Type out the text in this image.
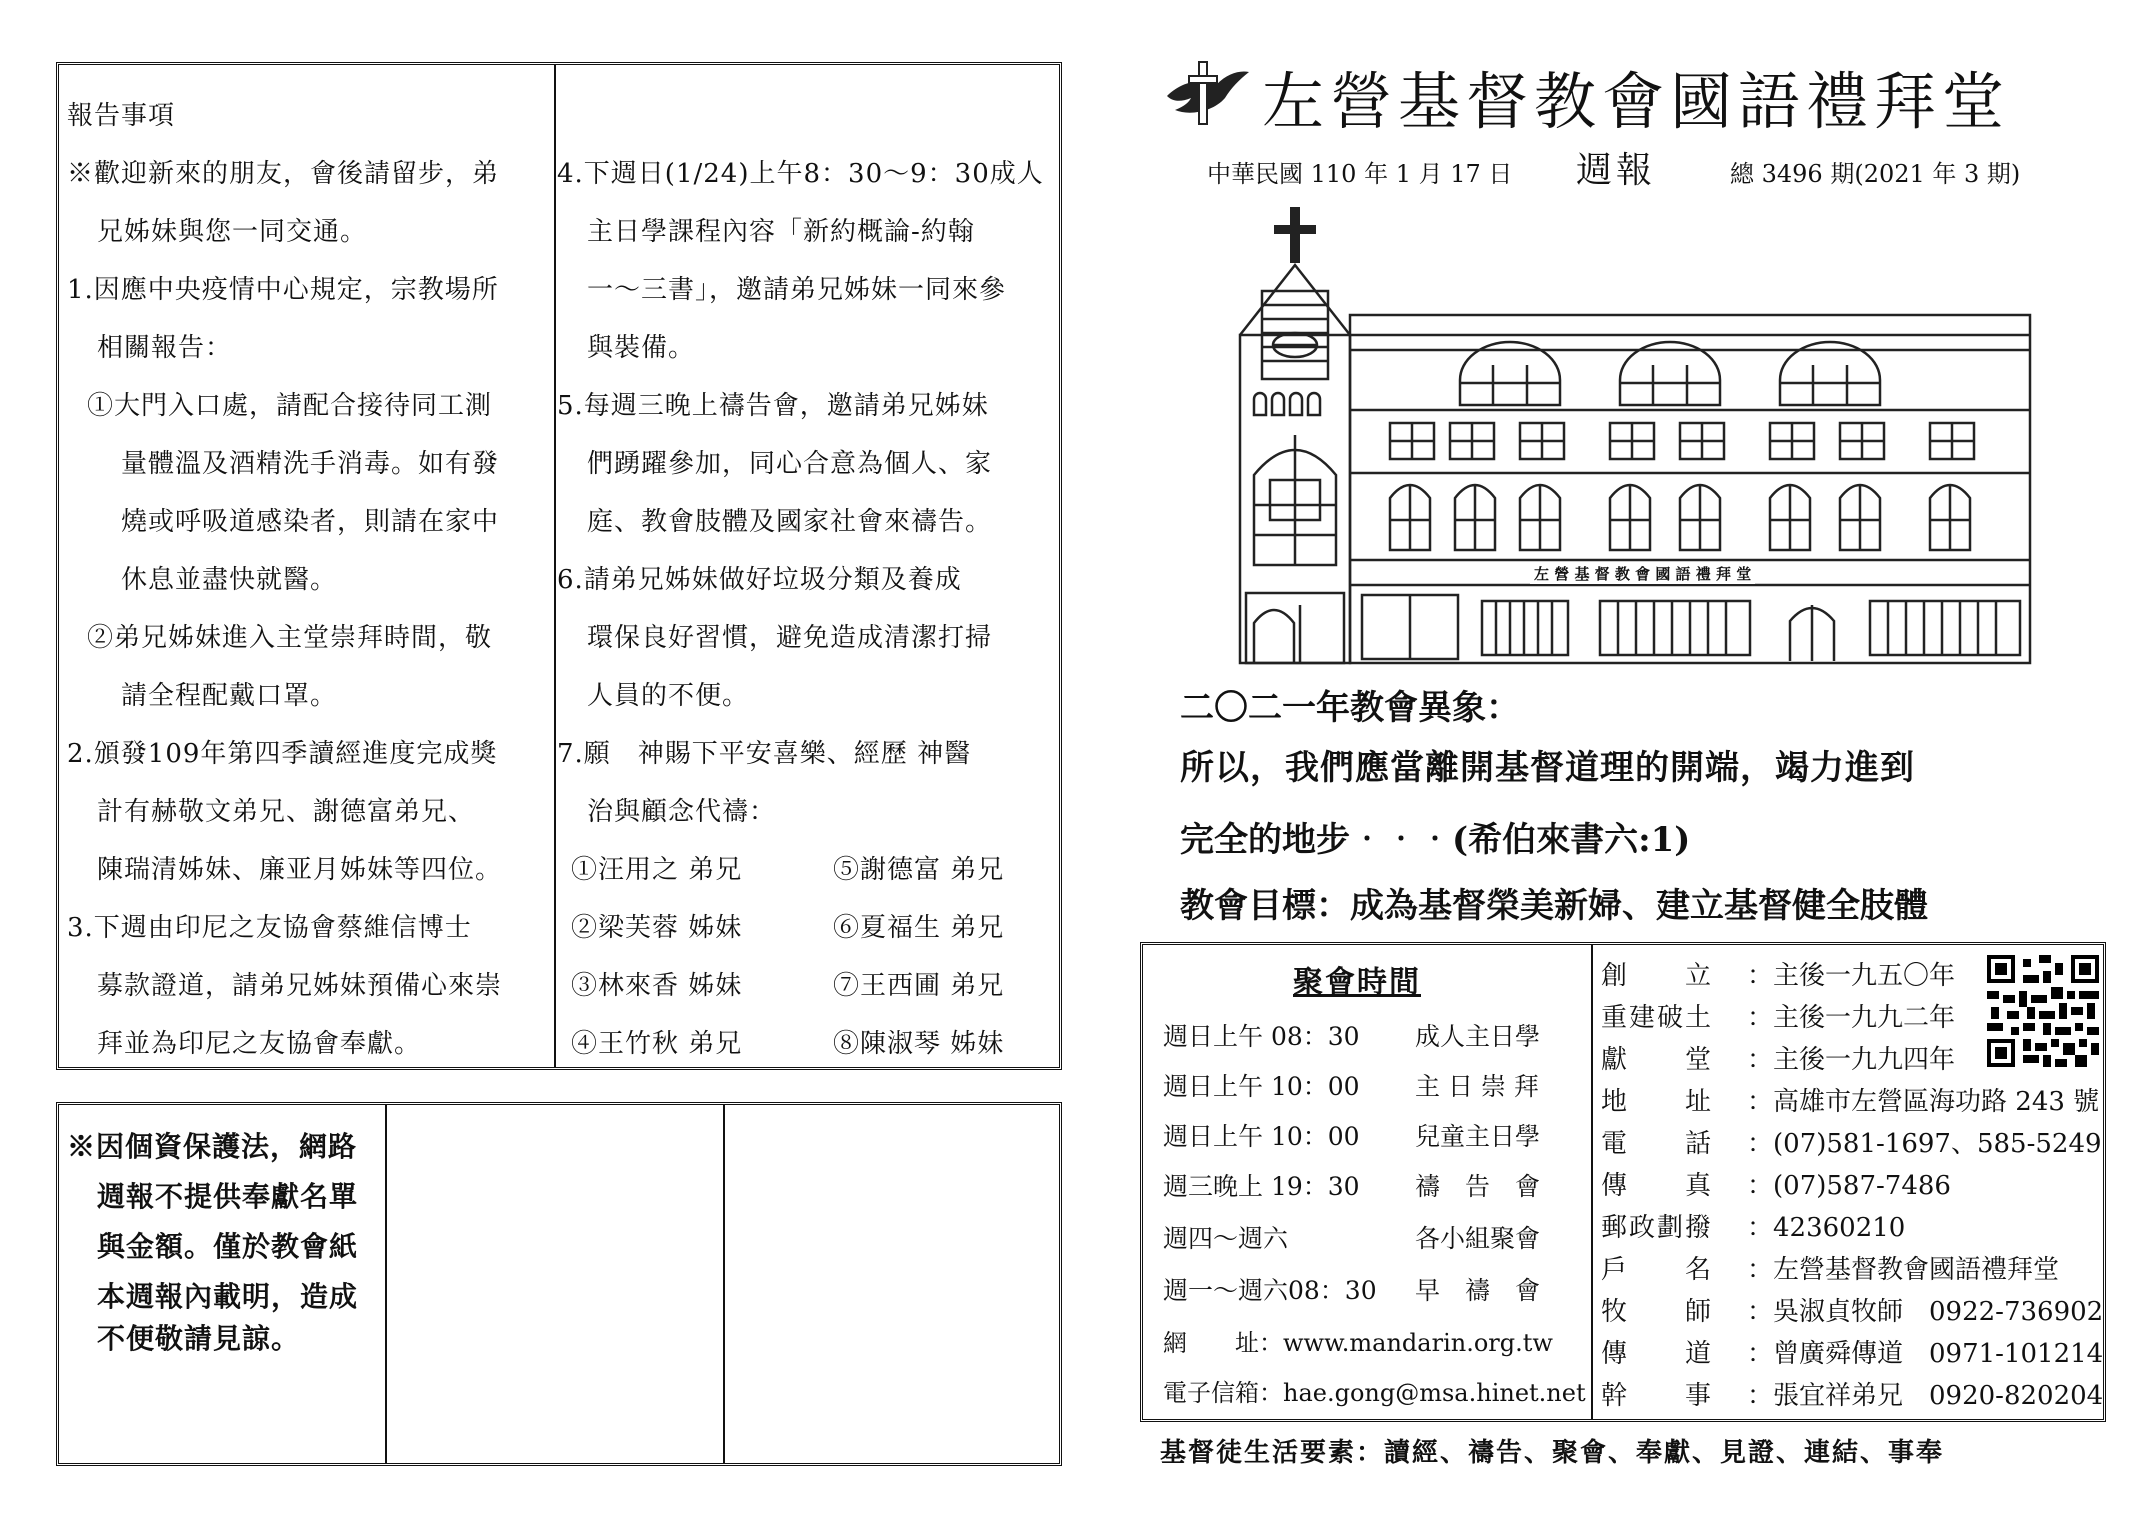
報告事項
※歡迎新來的朋友，會後請留步，弟
兄姊妹與您一同交通。
1.因應中央疫情中心規定，宗教場所
相關報告：
①大門入口處，請配合接待同工測
量體溫及酒精洗手消毒。如有發
燒或呼吸道感染者，則請在家中
休息並盡快就醫。
②弟兄姊妹進入主堂崇拜時間，敬
請全程配戴口罩。
2.頒發109年第四季讀經進度完成獎
計有赫敬文弟兄、謝德富弟兄、
陳瑞清姊妹、廉亚月姊妹等四位。
3.下週由印尼之友協會蔡維信博士
募款證道，請弟兄姊妹預備心來崇
拜並為印尼之友協會奉獻。
4.下週日(1/24)上午8：30～9：30成人
主日學課程內容「新約概論-約翰
一～三書」，邀請弟兄姊妹一同來參
與裝備。
5.每週三晚上禱告會，邀請弟兄姊妹
們踴躍參加，同心合意為個人、家
庭、教會肢體及國家社會來禱告。
6.請弟兄姊妹做好垃圾分類及養成
環保良好習慣，避免造成清潔打掃
人員的不便。
7.願　神賜下平安喜樂、經歷 神醫
治與顧念代禱：
①汪用之 弟兄	⑤謝德富 弟兄
②梁芙蓉 姊妹	⑥夏福生 弟兄
③林來香 姊妹	⑦王西圃 弟兄
④王竹秋 弟兄	⑧陳淑琴 姊妹
※因個資保護法，網路
週報不提供奉獻名單
與金額。僅於教會紙
本週報內載明，造成
不便敬請見諒。
左營基督教會國語禮拜堂
中華民國 110 年 1 月 17 日 週報	總 3496 期(2021 年 3 期)
左 營 基 督 教 會 國 語 禮 拜 堂
二〇二一年教會異象：
所以，我們應當離開基督道理的開端，竭力進到
完全的地步‧‧‧(希伯來書六:1)
教會目標：成為基督榮美新婦、建立基督健全肢體
聚會時間
週日上午 08：30 成人主日學
週日上午 10：00 主 日 崇 拜
週日上午 10：00 兒童主日學
週三晚上 19：30 禱　告　會
週四～週六	各小組聚會
週一～週六08：30 早　禱　會
網　　址：www.mandarin.org.tw
電子信箱：hae.gong@msa.hinet.net
創　　立 ：主後一九五〇年
重建破土 ：主後一九九二年
獻　　堂 ：主後一九九四年
地　　址 ：高雄市左營區海功路 243 號
電　　話 ：(07)581-1697、585-5249
傳　　真 ：(07)587-7486
郵政劃撥 ：42360210
戶　　名 ：左營基督教會國語禮拜堂
牧　　師 ：吳淑貞牧師　0922-736902
傳　　道 ：曾廣舜傳道　0971-101214
幹　　事 ：張宜祥弟兄　0920-820204
基督徒生活要素：讀經、禱告、聚會、奉獻、見證、連結、事奉
